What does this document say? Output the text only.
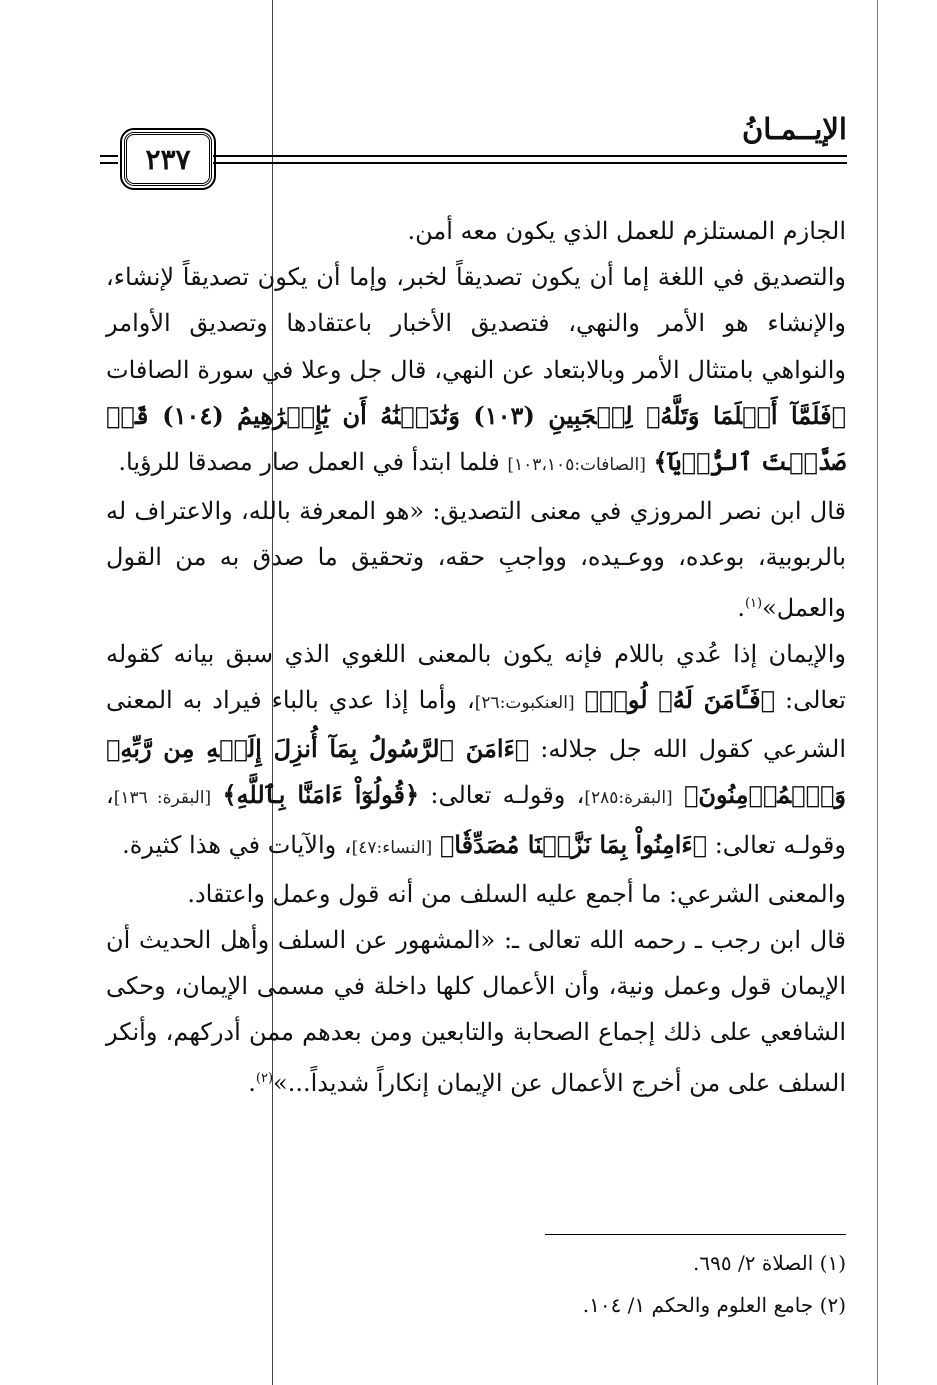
الإيــمـانُ
٢٣٧

الجازم المستلزم للعمل الذي يكون معه أمن.

والتصديق في اللغة إما أن يكون تصديقاً لخبر، وإما أن يكون تصديقاً لإنشاء، والإنشاء هو الأمر والنهي، فتصديق الأخبار باعتقادها وتصديق الأوامر والنواهي بامتثال الأمر وبالابتعاد عن النهي، قال جل وعلا في سورة الصافات ﴿فَلَمَّآ أَسۡلَمَا وَتَلَّهُۥ لِلۡجَبِينِ (١٠٣) وَنَٰدَيۡنَٰهُ أَن يَٰٓإِبۡرَٰهِيمُ (١٠٤) قَدۡ صَدَّقۡتَ ٱلرُّءۡيَآ﴾ [الصافات:١٠٣،١٠٥] فلما ابتدأ في العمل صار مصدقا للرؤيا.

قال ابن نصر المروزي في معنى التصديق: «هو المعرفة بالله، والاعتراف له بالربوبية، بوعده، ووعـيده، وواجبِ حقه، وتحقيق ما صدق به من القول والعمل»$^{(١)}$.

والإيمان إذا عُدي باللام فإنه يكون بالمعنى اللغوي الذي سبق بيانه كقوله تعالى: ﴿فَـَٔامَنَ لَهُۥ لُوطٞ﴾ [العنكبوت:٢٦]، وأما إذا عدي بالباء فيراد به المعنى الشرعي كقول الله جل جلاله: ﴿ءَامَنَ ٱلرَّسُولُ بِمَآ أُنزِلَ إِلَيۡهِ مِن رَّبِّهِۦ وَٱلۡمُؤۡمِنُونَ﴾ [البقرة:٢٨٥]، وقولـه تعالى: ﴿قُولُوٓاْ ءَامَنَّا بِٱللَّهِ﴾ [البقرة: ١٣٦]، وقولـه تعالى: ﴿ءَامِنُواْ بِمَا نَزَّلۡنَا مُصَدِّقٗا﴾ [النساء:٤٧]، والآيات في هذا كثيرة.

والمعنى الشرعي: ما أجمع عليه السلف من أنه قول وعمل واعتقاد.

قال ابن رجب ـ رحمه الله تعالى ـ: «المشهور عن السلف وأهل الحديث أن الإيمان قول وعمل ونية، وأن الأعمال كلها داخلة في مسمى الإيمان، وحكى الشافعي على ذلك إجماع الصحابة والتابعين ومن بعدهم ممن أدركهم، وأنكر السلف على من أخرج الأعمال عن الإيمان إنكاراً شديداً...»$^{(٢)}$.

(١) الصلاة ٢/ ٦٩٥.

(٢) جامع العلوم والحكم ١/ ١٠٤.
